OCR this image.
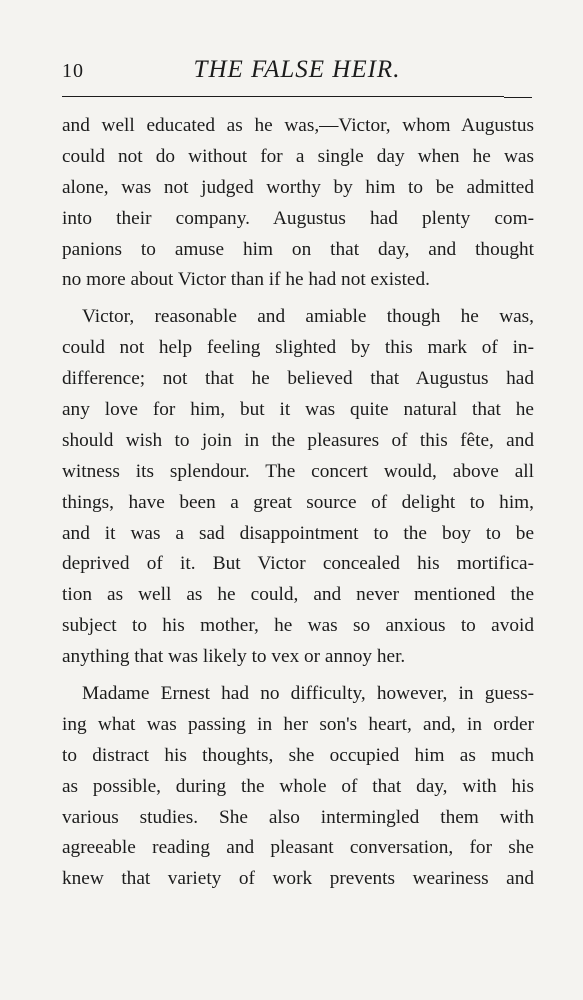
10	THE FALSE HEIR.
and well educated as he was,—Victor, whom Augustus
could not do without for a single day when he was
alone, was not judged worthy by him to be admitted
into their company. Augustus had plenty com-
panions to amuse him on that day, and thought
no more about Victor than if he had not existed.
Victor, reasonable and amiable though he was,
could not help feeling slighted by this mark of in-
difference; not that he believed that Augustus had
any love for him, but it was quite natural that he
should wish to join in the pleasures of this fête, and
witness its splendour. The concert would, above all
things, have been a great source of delight to him,
and it was a sad disappointment to the boy to be
deprived of it. But Victor concealed his mortifica-
tion as well as he could, and never mentioned the
subject to his mother, he was so anxious to avoid
anything that was likely to vex or annoy her.
Madame Ernest had no difficulty, however, in guess-
ing what was passing in her son's heart, and, in order
to distract his thoughts, she occupied him as much
as possible, during the whole of that day, with his
various studies. She also intermingled them with
agreeable reading and pleasant conversation, for she
knew that variety of work prevents weariness and
